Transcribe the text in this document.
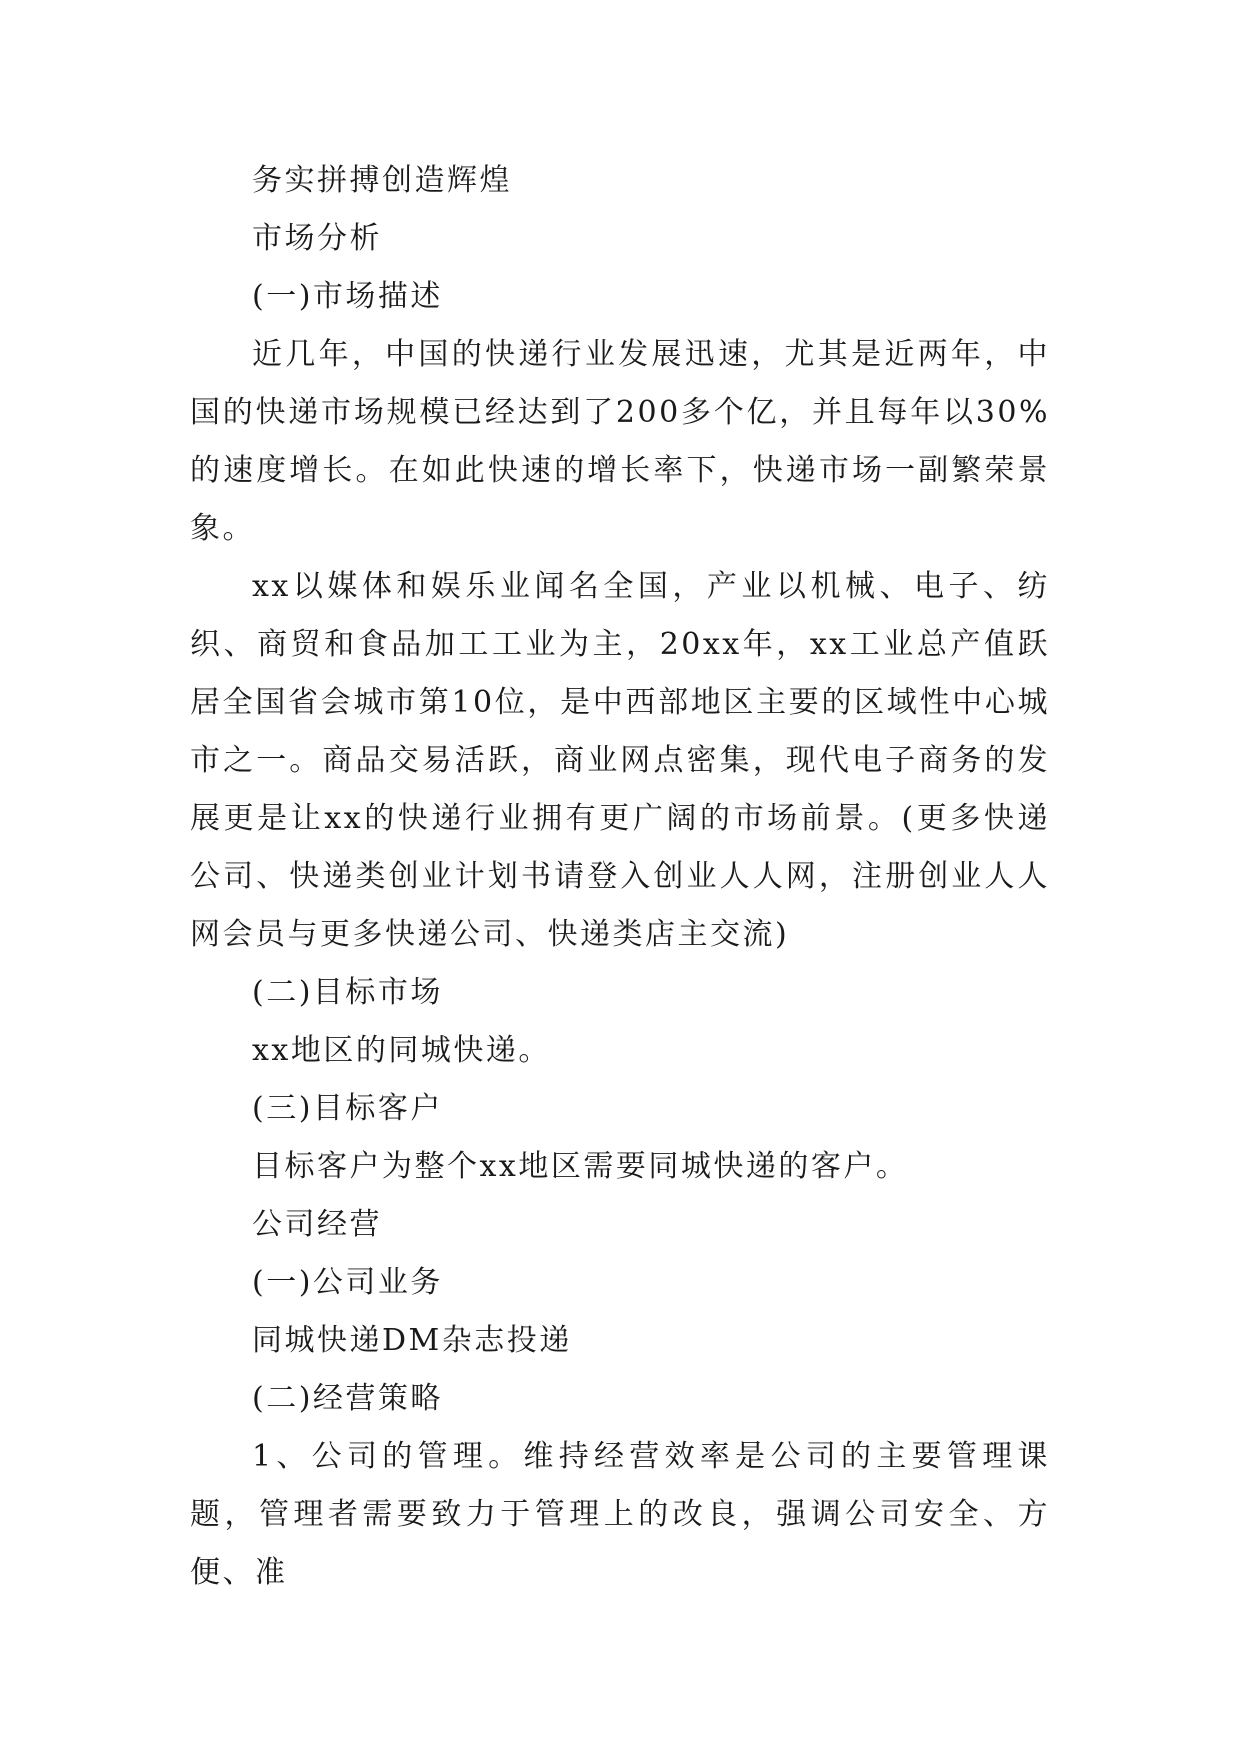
务实拼搏创造辉煌

市场分析

(一)市场描述

近几年，中国的快递行业发展迅速，尤其是近两年，中国的快递市场规模已经达到了200多个亿，并且每年以30%的速度增长。在如此快速的增长率下，快递市场一副繁荣景象。

xx以媒体和娱乐业闻名全国，产业以机械、电子、纺织、商贸和食品加工工业为主，20xx年，xx工业总产值跃居全国省会城市第10位，是中西部地区主要的区域性中心城市之一。商品交易活跃，商业网点密集，现代电子商务的发展更是让xx的快递行业拥有更广阔的市场前景。(更多快递公司、快递类创业计划书请登入创业人人网，注册创业人人网会员与更多快递公司、快递类店主交流)

(二)目标市场

xx地区的同城快递。

(三)目标客户

目标客户为整个xx地区需要同城快递的客户。

公司经营

(一)公司业务

同城快递DM杂志投递

(二)经营策略

1、公司的管理。维持经营效率是公司的主要管理课题，管理者需要致力于管理上的改良，强调公司安全、方便、准
